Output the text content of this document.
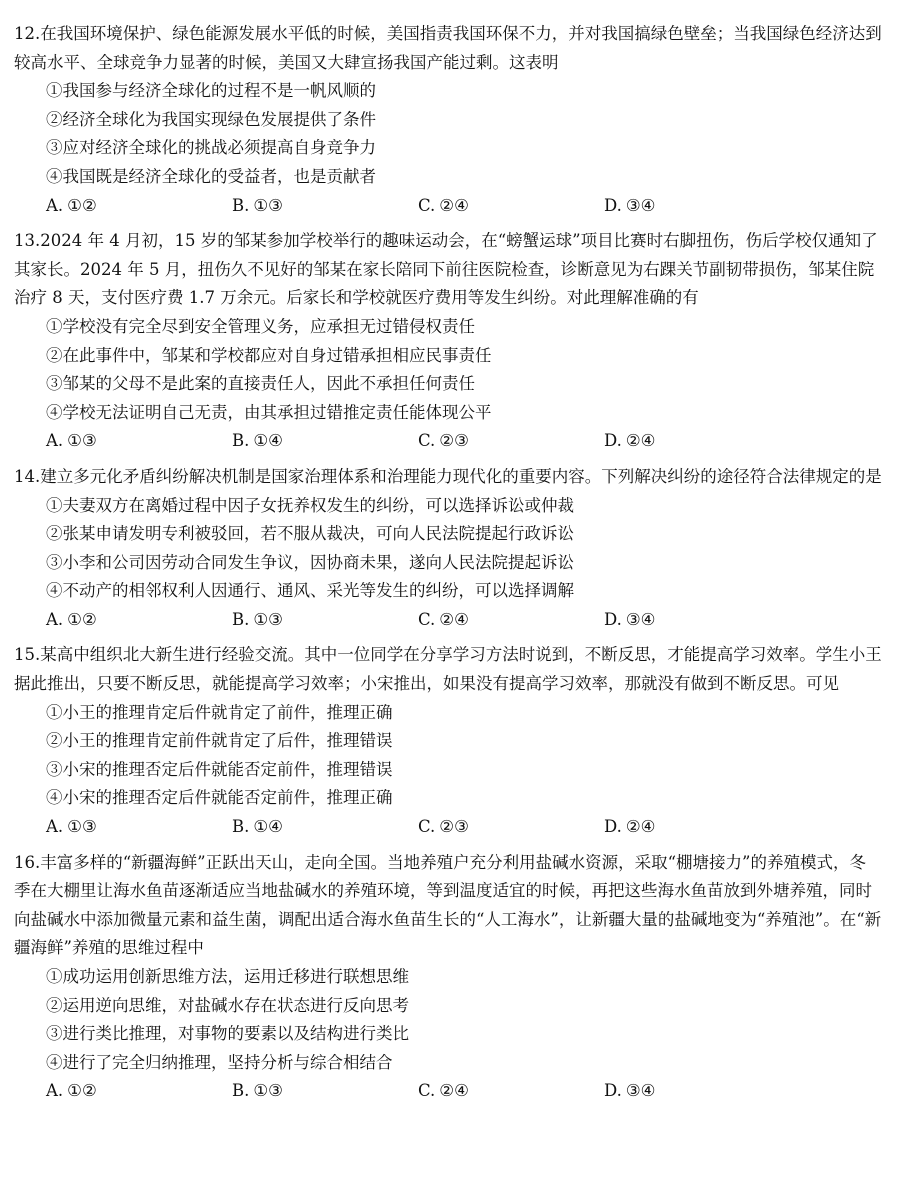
12.在我国环境保护、绿色能源发展水平低的时候，美国指责我国环保不力，并对我国搞绿色壁垒；当我国绿色经济达到较高水平、全球竞争力显著的时候，美国又大肆宣扬我国产能过剩。这表明

①我国参与经济全球化的过程不是一帆风顺的
②经济全球化为我国实现绿色发展提供了条件
③应对经济全球化的挑战必须提高自身竞争力
④我国既是经济全球化的受益者，也是贡献者
A. ①②	B. ①③	C. ②④	D. ③④

13.2024 年 4 月初，15 岁的邹某参加学校举行的趣味运动会，在“螃蟹运球”项目比赛时右脚扭伤，伤后学校仅通知了其家长。2024 年 5 月，扭伤久不见好的邹某在家长陪同下前往医院检查，诊断意见为右踝关节副韧带损伤，邹某住院治疗 8 天，支付医疗费 1.7 万余元。后家长和学校就医疗费用等发生纠纷。对此理解准确的有

①学校没有完全尽到安全管理义务，应承担无过错侵权责任
②在此事件中，邹某和学校都应对自身过错承担相应民事责任
③邹某的父母不是此案的直接责任人，因此不承担任何责任
④学校无法证明自己无责，由其承担过错推定责任能体现公平
A. ①③	B. ①④	C. ②③	D. ②④

14.建立多元化矛盾纠纷解决机制是国家治理体系和治理能力现代化的重要内容。下列解决纠纷的途径符合法律规定的是

①夫妻双方在离婚过程中因子女抚养权发生的纠纷，可以选择诉讼或仲裁
②张某申请发明专利被驳回，若不服从裁决，可向人民法院提起行政诉讼
③小李和公司因劳动合同发生争议，因协商未果，遂向人民法院提起诉讼
④不动产的相邻权利人因通行、通风、采光等发生的纠纷，可以选择调解
A. ①②	B. ①③	C. ②④	D. ③④

15.某高中组织北大新生进行经验交流。其中一位同学在分享学习方法时说到，不断反思，才能提高学习效率。学生小王据此推出，只要不断反思，就能提高学习效率；小宋推出，如果没有提高学习效率，那就没有做到不断反思。可见

①小王的推理肯定后件就肯定了前件，推理正确
②小王的推理肯定前件就肯定了后件，推理错误
③小宋的推理否定后件就能否定前件，推理错误
④小宋的推理否定后件就能否定前件，推理正确
A. ①③	B. ①④	C. ②③	D. ②④

16.丰富多样的“新疆海鲜”正跃出天山，走向全国。当地养殖户充分利用盐碱水资源，采取“棚塘接力”的养殖模式，冬季在大棚里让海水鱼苗逐渐适应当地盐碱水的养殖环境，等到温度适宜的时候，再把这些海水鱼苗放到外塘养殖，同时向盐碱水中添加微量元素和益生菌，调配出适合海水鱼苗生长的“人工海水”，让新疆大量的盐碱地变为“养殖池”。在“新疆海鲜”养殖的思维过程中

①成功运用创新思维方法，运用迁移进行联想思维
②运用逆向思维，对盐碱水存在状态进行反向思考
③进行类比推理，对事物的要素以及结构进行类比
④进行了完全归纳推理，坚持分析与综合相结合
A. ①②	B. ①③	C. ②④	D. ③④
